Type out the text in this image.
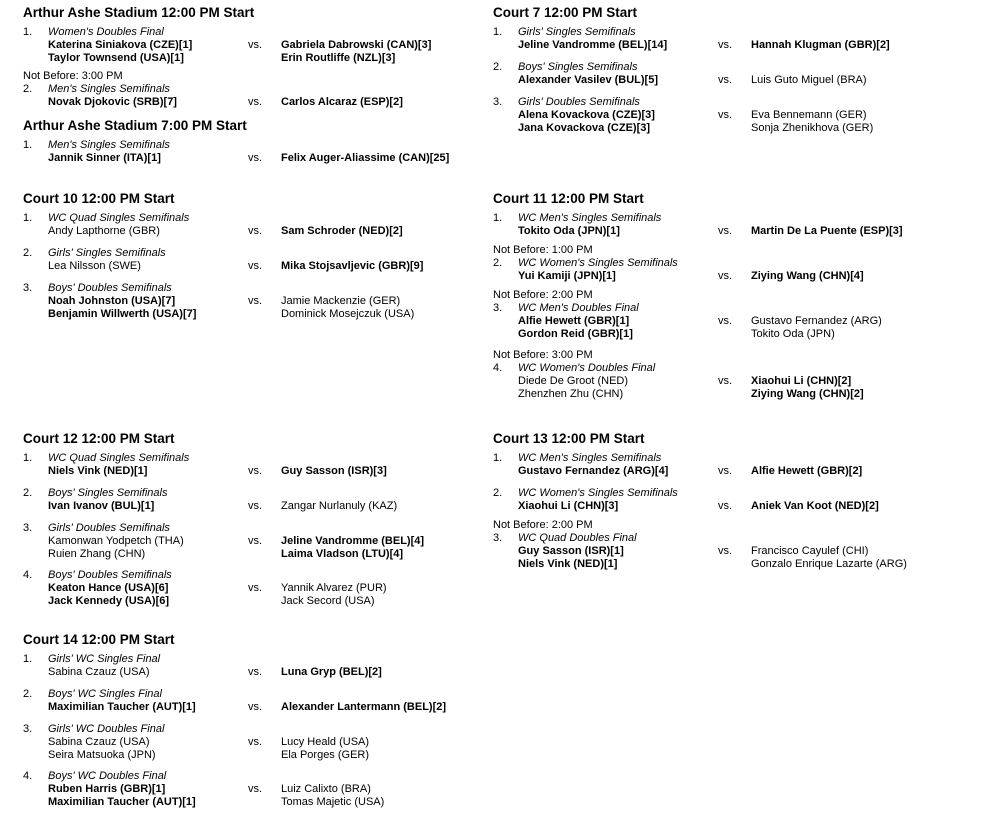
Arthur Ashe Stadium 12:00 PM Start
1. Women's Doubles Final
Katerina Siniakova (CZE)[1]
Taylor Townsend (USA)[1]
vs. Gabriela Dabrowski (CAN)[3]
Erin Routliffe (NZL)[3]
Not Before: 3:00 PM
2. Men's Singles Semifinals
Novak Djokovic (SRB)[7]	vs. Carlos Alcaraz (ESP)[2]
Arthur Ashe Stadium 7:00 PM Start
1. Men's Singles Semifinals
Jannik Sinner (ITA)[1]	vs. Felix Auger-Aliassime (CAN)[25]
Court 10 12:00 PM Start
1. WC Quad Singles Semifinals
Andy Lapthorne (GBR)	vs. Sam Schroder (NED)[2]
2. Girls' Singles Semifinals
Lea Nilsson (SWE)	vs. Mika Stojsavljevic (GBR)[9]
3. Boys' Doubles Semifinals
Noah Johnston (USA)[7]
Benjamin Willwerth (USA)[7]
vs. Jamie Mackenzie (GER)
Dominick Mosejczuk (USA)
Court 12 12:00 PM Start
1. WC Quad Singles Semifinals
Niels Vink (NED)[1]	vs. Guy Sasson (ISR)[3]
2. Boys' Singles Semifinals
Ivan Ivanov (BUL)[1]	vs. Zangar Nurlanuly (KAZ)
3. Girls' Doubles Semifinals
Kamonwan Yodpetch (THA)
Ruien Zhang (CHN)
vs. Jeline Vandromme (BEL)[4]
Laima Vladson (LTU)[4]
4. Boys' Doubles Semifinals
Keaton Hance (USA)[6]
Jack Kennedy (USA)[6]
vs. Yannik Alvarez (PUR)
Jack Secord (USA)
Court 14 12:00 PM Start
1. Girls' WC Singles Final
Sabina Czauz (USA)	vs. Luna Gryp (BEL)[2]
2. Boys' WC Singles Final
Maximilian Taucher (AUT)[1]	vs. Alexander Lantermann (BEL)[2]
3. Girls' WC Doubles Final
Sabina Czauz (USA)
Seira Matsuoka (JPN)
vs. Lucy Heald (USA)
Ela Porges (GER)
4. Boys' WC Doubles Final
Ruben Harris (GBR)[1]
Maximilian Taucher (AUT)[1]
vs. Luiz Calixto (BRA)
Tomas Majetic (USA)
Court 7 12:00 PM Start
1. Girls' Singles Semifinals
Jeline Vandromme (BEL)[14]	vs. Hannah Klugman (GBR)[2]
2. Boys' Singles Semifinals
Alexander Vasilev (BUL)[5]	vs. Luis Guto Miguel (BRA)
3. Girls' Doubles Semifinals
Alena Kovackova (CZE)[3]
Jana Kovackova (CZE)[3]
vs. Eva Bennemann (GER)
Sonja Zhenikhova (GER)
Court 11 12:00 PM Start
1. WC Men's Singles Semifinals
Tokito Oda (JPN)[1]	vs. Martin De La Puente (ESP)[3]
Not Before: 1:00 PM
2. WC Women's Singles Semifinals
Yui Kamiji (JPN)[1]	vs. Ziying Wang (CHN)[4]
Not Before: 2:00 PM
3. WC Men's Doubles Final
Alfie Hewett (GBR)[1]
Gordon Reid (GBR)[1]
vs. Gustavo Fernandez (ARG)
Tokito Oda (JPN)
Not Before: 3:00 PM
4. WC Women's Doubles Final
Diede De Groot (NED)
Zhenzhen Zhu (CHN)
vs. Xiaohui Li (CHN)[2]
Ziying Wang (CHN)[2]
Court 13 12:00 PM Start
1. WC Men's Singles Semifinals
Gustavo Fernandez (ARG)[4]	vs. Alfie Hewett (GBR)[2]
2. WC Women's Singles Semifinals
Xiaohui Li (CHN)[3]	vs. Aniek Van Koot (NED)[2]
Not Before: 2:00 PM
3. WC Quad Doubles Final
Guy Sasson (ISR)[1]
Niels Vink (NED)[1]
vs. Francisco Cayulef (CHI)
Gonzalo Enrique Lazarte (ARG)
